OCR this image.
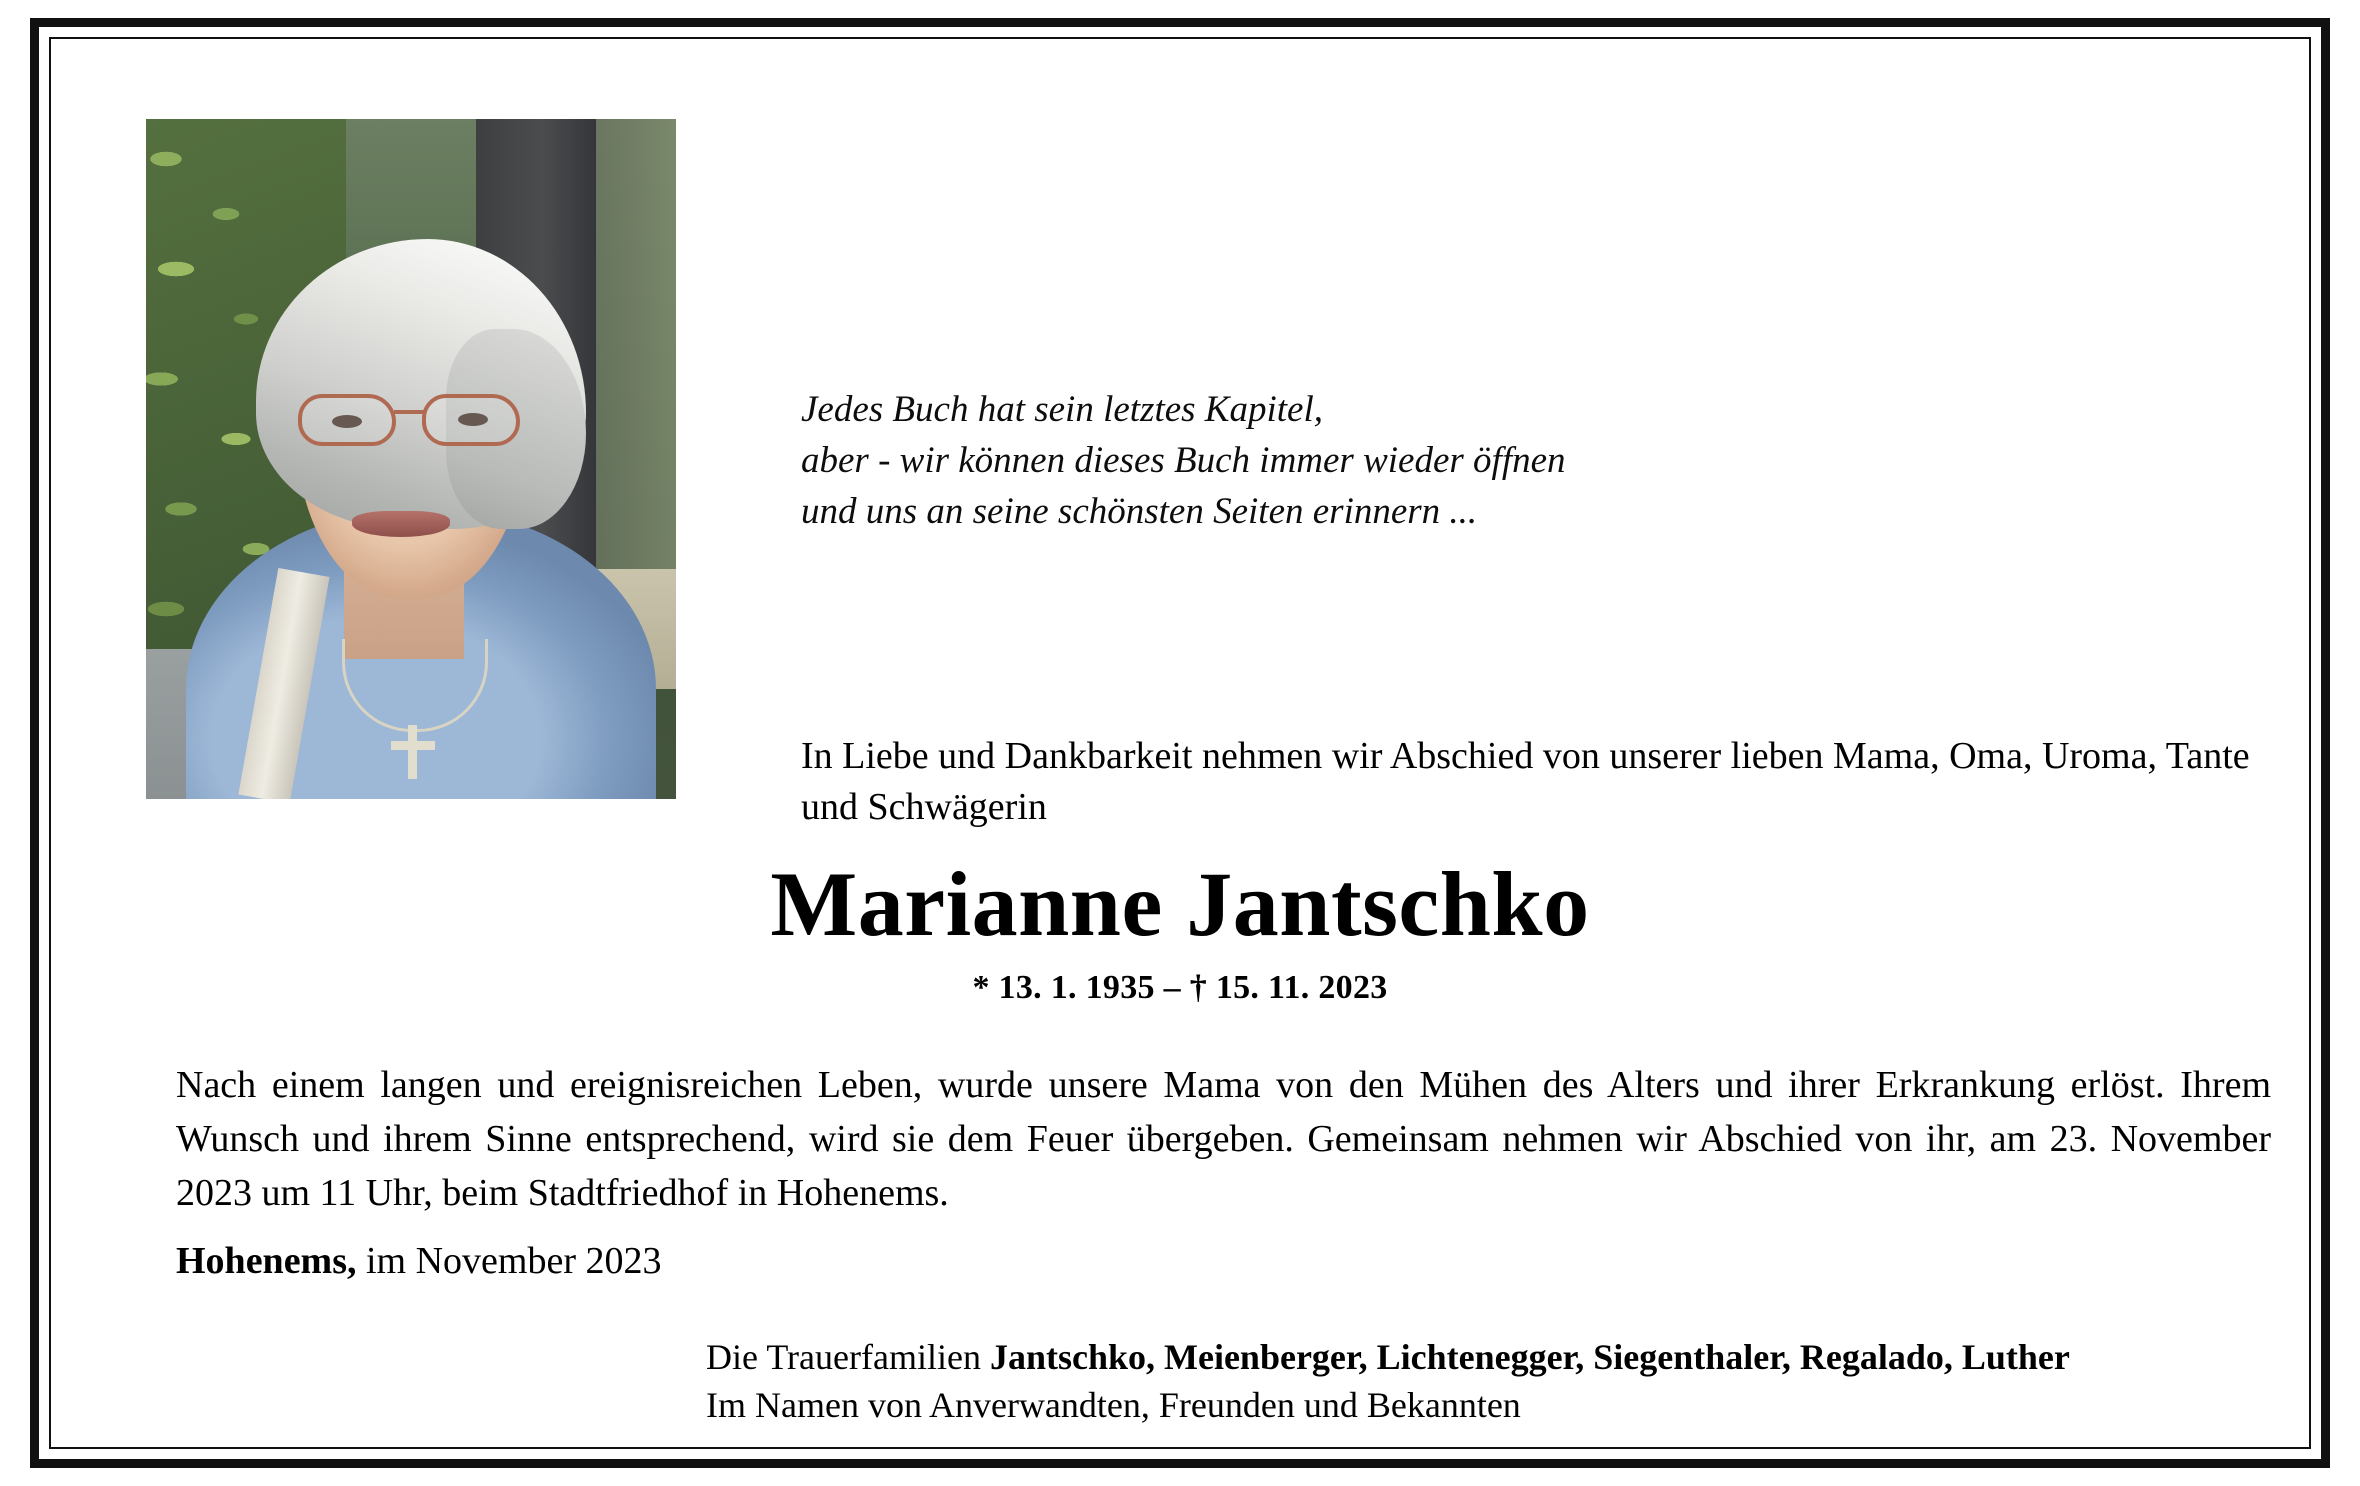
Jedes Buch hat sein letztes Kapitel,
aber - wir können dieses Buch immer wieder öffnen
und uns an seine schönsten Seiten erinnern ...
In Liebe und Dankbarkeit nehmen wir Abschied von unserer lieben Mama, Oma, Uroma, Tante und Schwägerin
Marianne Jantschko
* 13. 1. 1935 – † 15. 11. 2023
Nach einem langen und ereignisreichen Leben, wurde unsere Mama von den Mühen des Alters und ihrer Erkrankung erlöst. Ihrem Wunsch und ihrem Sinne entsprechend, wird sie dem Feuer übergeben. Gemeinsam nehmen wir Abschied von ihr, am 23. November 2023 um 11 Uhr, beim Stadtfriedhof in Hohenems.
Hohenems, im November 2023
Die Trauerfamilien Jantschko, Meienberger, Lichtenegger, Siegenthaler, Regalado, Luther
Im Namen von Anverwandten, Freunden und Bekannten
